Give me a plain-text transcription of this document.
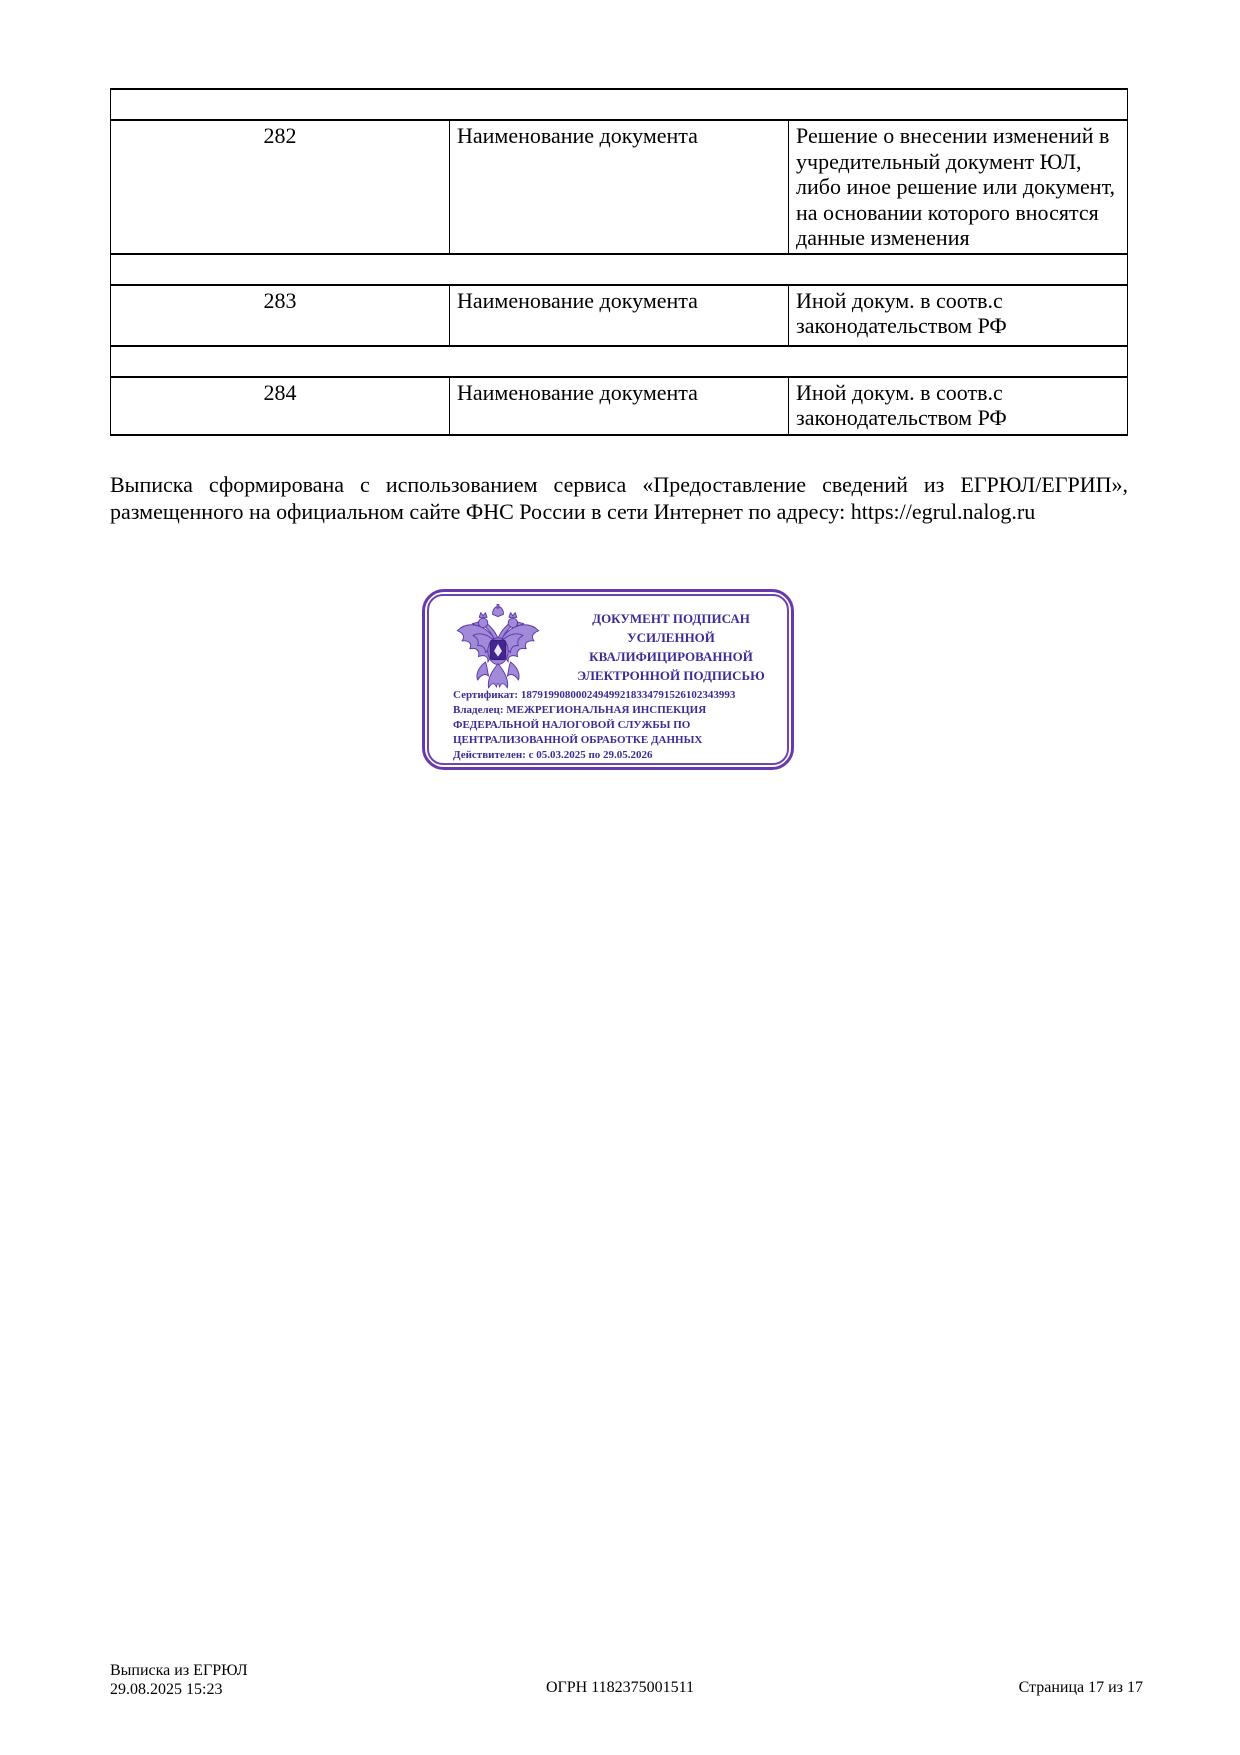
282	Наименование документа	Решение о внесении изменений в учредительный документ ЮЛ, либо иное решение или документ, на основании которого вносятся данные изменения

283	Наименование документа	Иной докум. в соотв.с законодательством РФ

284	Наименование документа	Иной докум. в соотв.с законодательством РФ
Выписка сформирована с использованием сервиса «Предоставление сведений из ЕГРЮЛ/ЕГРИП», размещенного на официальном сайте ФНС России в сети Интернет по адресу: https://egrul.nalog.ru
ДОКУМЕНТ ПОДПИСАН
УСИЛЕННОЙ КВАЛИФИЦИРОВАННОЙ
ЭЛЕКТРОННОЙ ПОДПИСЬЮ
Сертификат: 187919908000249499218334791526102343993
Владелец: МЕЖРЕГИОНАЛЬНАЯ ИНСПЕКЦИЯ ФЕДЕРАЛЬНОЙ НАЛОГОВОЙ СЛУЖБЫ ПО ЦЕНТРАЛИЗОВАННОЙ ОБРАБОТКЕ ДАННЫХ
Действителен: с 05.03.2025 по 29.05.2026
Выписка из ЕГРЮЛ
29.08.2025 15:23	ОГРН 1182375001511	Страница 17 из 17
